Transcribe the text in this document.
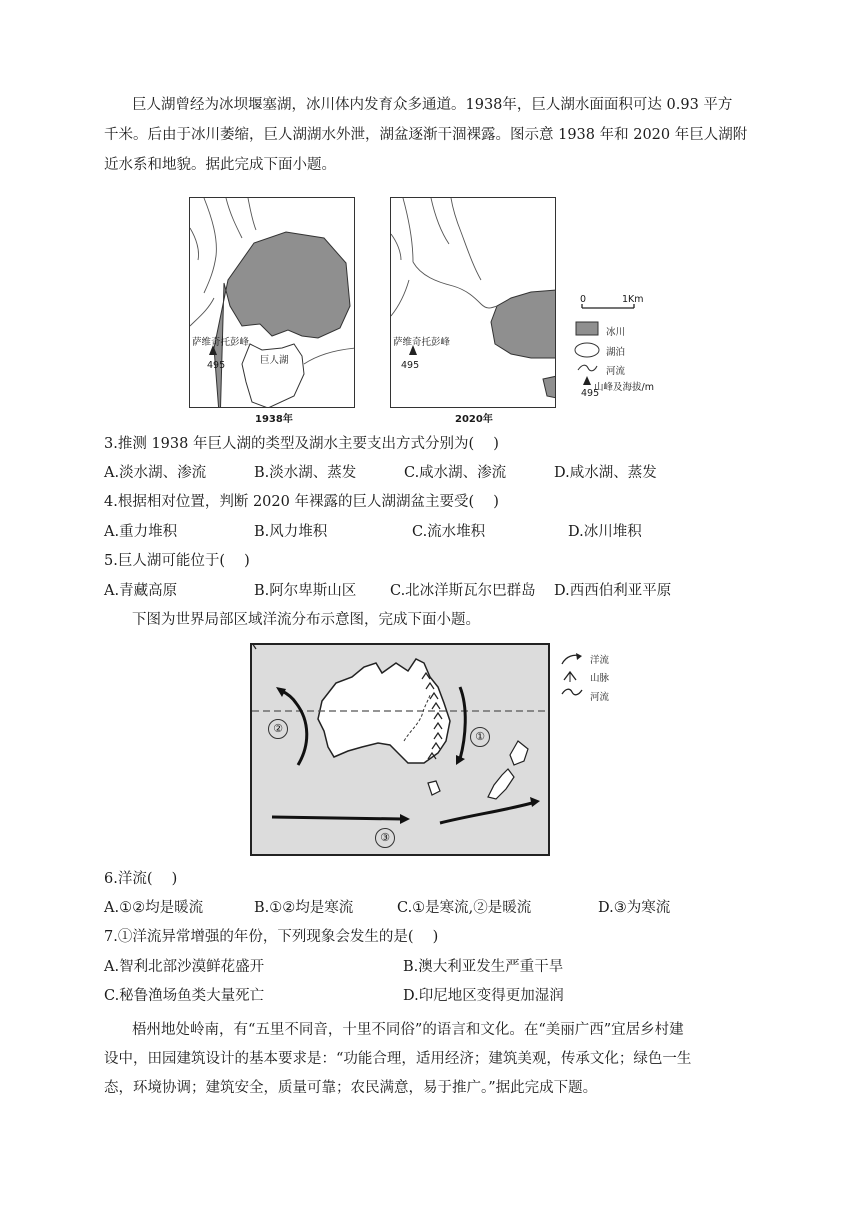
巨人湖曾经为冰坝堰塞湖，冰川体内发育众多通道。1938年，巨人湖水面面积可达 0.93 平方
千米。后由于冰川萎缩，巨人湖湖水外泄，湖盆逐渐干涸裸露。图示意 1938 年和 2020 年巨人湖附
近水系和地貌。据此完成下面小题。
萨维奇托彭峰
495	巨人湖
1938年
萨维奇托彭峰
495
2020年
0	1Km
冰川
湖泊
河流
山峰及海拔/m
495
3.推测 1938 年巨人湖的类型及湖水主要支出方式分别为(　 )
A.淡水湖、渗流	B.淡水湖、蒸发	C.咸水湖、渗流	D.咸水湖、蒸发
4.根据相对位置，判断 2020 年裸露的巨人湖湖盆主要受(　 )
A.重力堆积	B.风力堆积	C.流水堆积	D.冰川堆积
5.巨人湖可能位于(　 )
A.青藏高原	B.阿尔卑斯山区 C.北冰洋斯瓦尔巴群岛 D.西西伯利亚平原
下图为世界局部区域洋流分布示意图，完成下面小题。
②
①
③
洋流
山脉
河流
6.洋流(　 )
A.①②均是暖流	B.①②均是寒流	C.①是寒流,②是暖流	D.③为寒流
7.①洋流异常增强的年份，下列现象会发生的是(　 )
A.智利北部沙漠鲜花盛开	B.澳大利亚发生严重干旱
C.秘鲁渔场鱼类大量死亡	D.印尼地区变得更加湿润
梧州地处岭南，有“五里不同音，十里不同俗”的语言和文化。在“美丽广西”宜居乡村建
设中，田园建筑设计的基本要求是：“功能合理，适用经济；建筑美观，传承文化；绿色一生
态，环境协调；建筑安全，质量可靠；农民满意，易于推广。”据此完成下题。
